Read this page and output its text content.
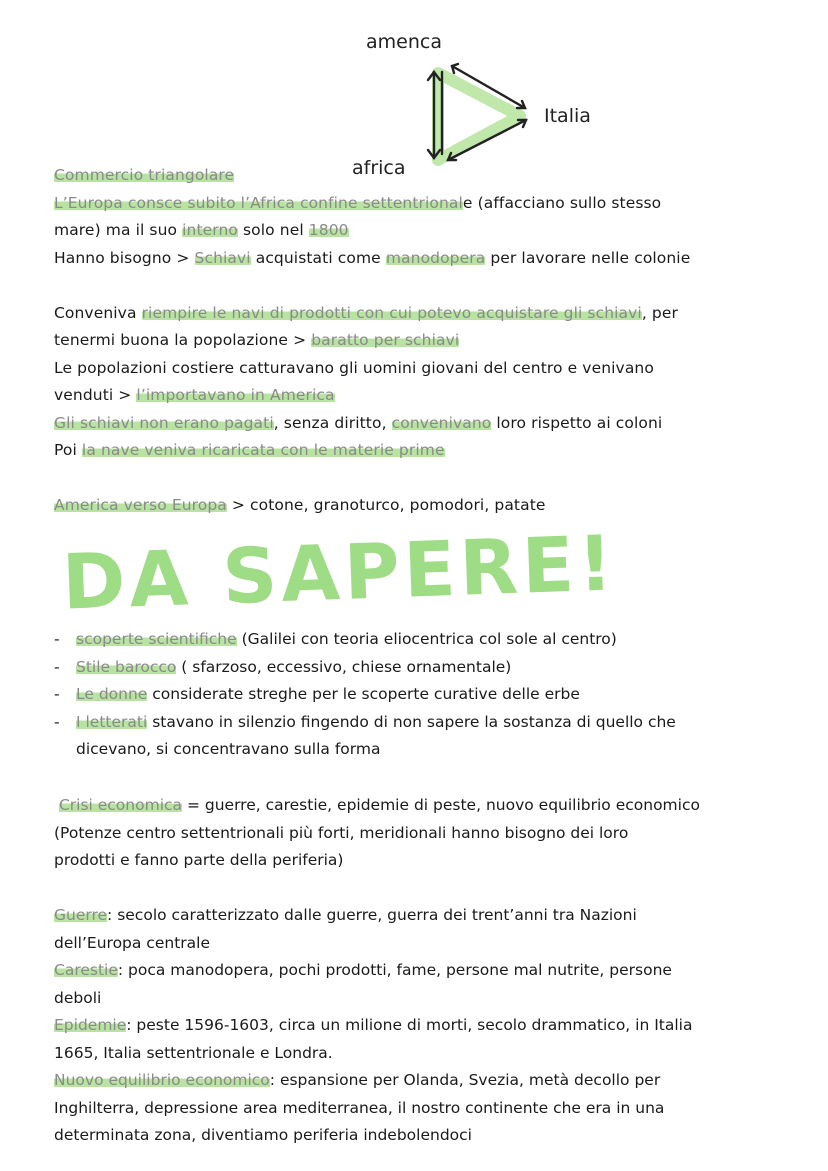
amenca
Italia
africa
Commercio triangolare
L’Europa consce subito l’Africa confine settentrionale (affacciano sullo stesso
mare) ma il suo interno solo nel 1800
Hanno bisogno > Schiavi acquistati come manodopera per lavorare nelle colonie
Conveniva riempire le navi di prodotti con cui potevo acquistare gli schiavi, per
tenermi buona la popolazione > baratto per schiavi
Le popolazioni costiere catturavano gli uomini giovani del centro e venivano
venduti > l’importavano in America
Gli schiavi non erano pagati, senza diritto, convenivano loro rispetto ai coloni
Poi la nave veniva ricaricata con le materie prime
America verso Europa > cotone, granoturco, pomodori, patate
DA SAPERE!
-	scoperte scientifiche (Galilei con teoria eliocentrica col sole al centro)
-	Stile barocco ( sfarzoso, eccessivo, chiese ornamentale)
-	Le donne considerate streghe per le scoperte curative delle erbe
-	I letterati stavano in silenzio fingendo di non sapere la sostanza di quello che
dicevano, si concentravano sulla forma
Crisi economica = guerre, carestie, epidemie di peste, nuovo equilibrio economico
(Potenze centro settentrionali più forti, meridionali hanno bisogno dei loro
prodotti e fanno parte della periferia)
Guerre: secolo caratterizzato dalle guerre, guerra dei trent’anni tra Nazioni
dell’Europa centrale
Carestie: poca manodopera, pochi prodotti, fame, persone mal nutrite, persone
deboli
Epidemie: peste 1596-1603, circa un milione di morti, secolo drammatico, in Italia
1665, Italia settentrionale e Londra.
Nuovo equilibrio economico: espansione per Olanda, Svezia, metà decollo per
Inghilterra, depressione area mediterranea, il nostro continente che era in una
determinata zona, diventiamo periferia indebolendoci
